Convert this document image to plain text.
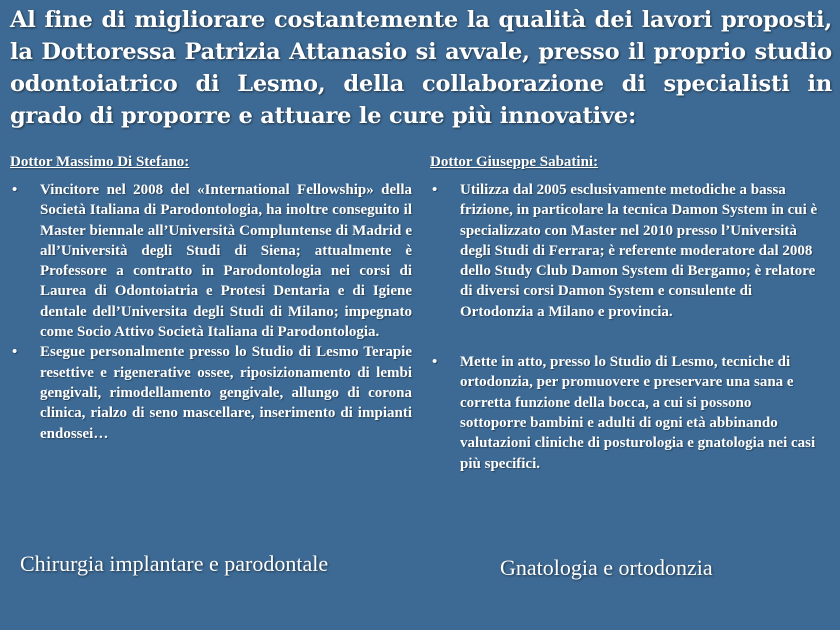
Al fine di migliorare costantemente la qualità dei lavori proposti, la Dottoressa Patrizia Attanasio si avvale, presso il proprio studio odontoiatrico di Lesmo, della collaborazione di specialisti in grado di proporre e attuare le cure più innovative:
Dottor Massimo Di Stefano:
• Vincitore nel 2008 del «International Fellowship» della Società Italiana di Parodontologia, ha inoltre conseguito il Master biennale all’Università Compluntense di Madrid e all’Università degli Studi di Siena; attualmente è Professore a contratto in Parodontologia nei corsi di Laurea di Odontoiatria e Protesi Dentaria e di Igiene dentale dell’Universita degli Studi di Milano; impegnato come Socio Attivo Società Italiana di Parodontologia.
• Esegue personalmente presso lo Studio di Lesmo Terapie resettive e rigenerative ossee, riposizionamento di lembi gengivali, rimodellamento gengivale, allungo di corona clinica, rialzo di seno mascellare, inserimento di impianti endossei…
Dottor Giuseppe Sabatini:
• Utilizza dal 2005 esclusivamente metodiche a bassa frizione, in particolare la tecnica Damon System in cui è specializzato con Master nel 2010 presso l’Università degli Studi di Ferrara; è referente moderatore dal 2008 dello Study Club Damon System di Bergamo; è relatore di diversi corsi Damon System e consulente di Ortodonzia a Milano e provincia.
• Mette in atto, presso lo Studio di Lesmo, tecniche di ortodonzia, per promuovere e preservare una sana e corretta funzione della bocca, a cui si possono sottoporre bambini e adulti di ogni età abbinando valutazioni cliniche di posturologia e gnatologia nei casi più specifici.
Chirurgia implantare e parodontale	Gnatologia e ortodonzia
